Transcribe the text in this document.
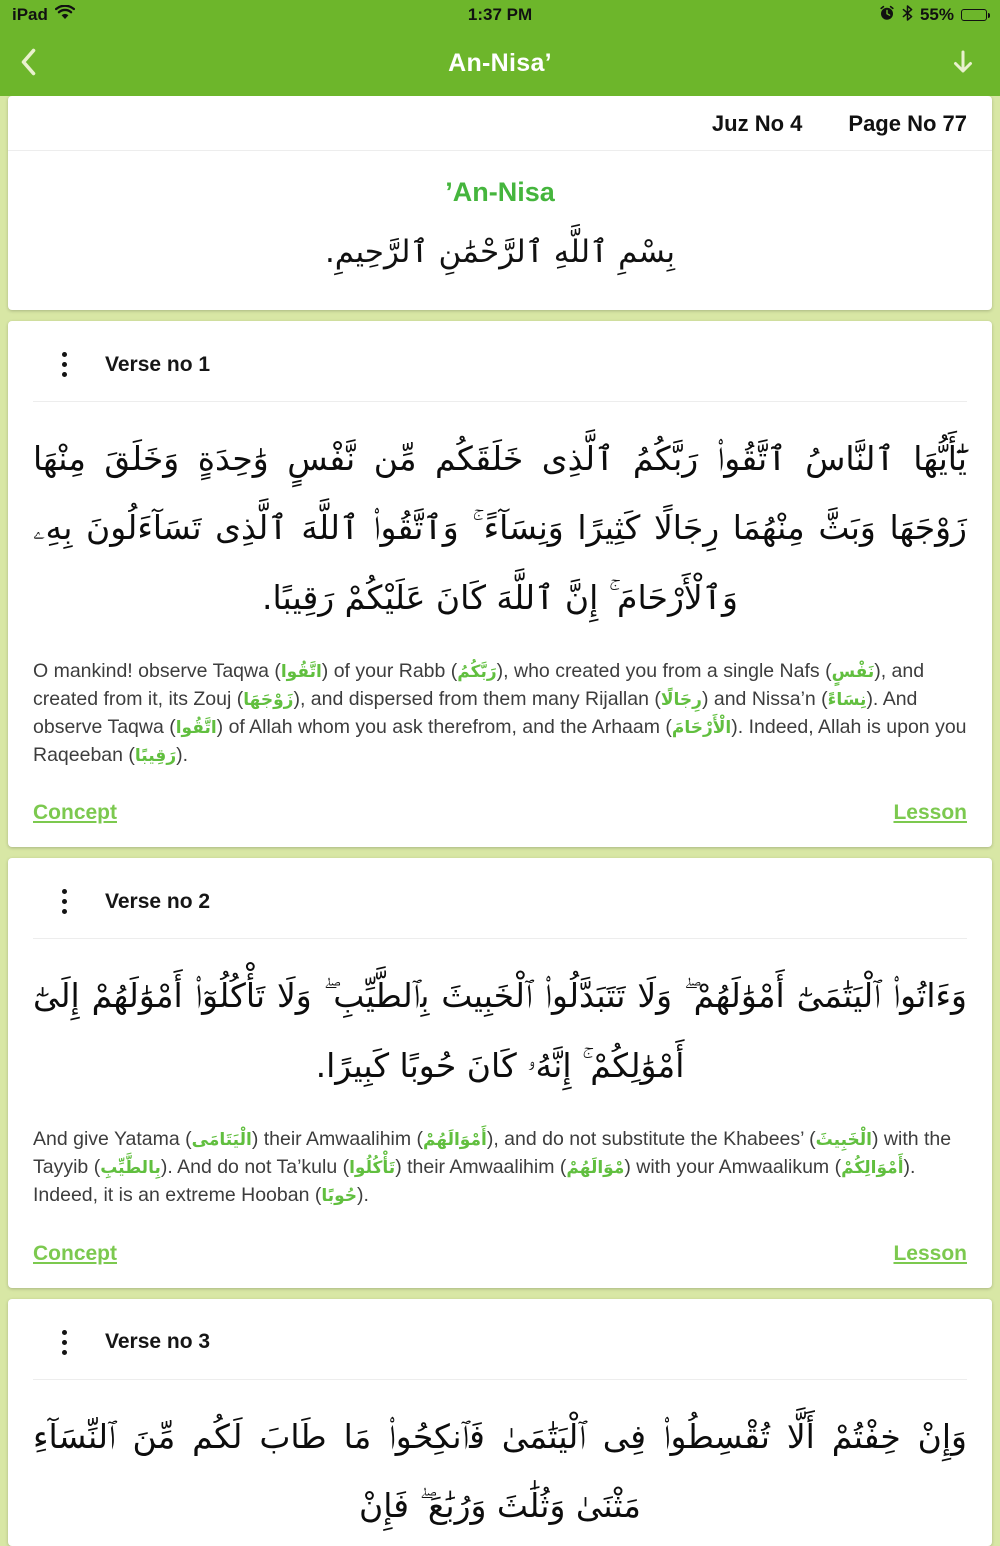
iPad	1:37 PM	55%
An-Nisa’
Juz No 4 Page No 77
’An-Nisa
بِسْمِ ٱللَّهِ ٱلرَّحْمَٰنِ ٱلرَّحِيمِ.
Verse no 1
يَٰٓأَيُّهَا ٱلنَّاسُ ٱتَّقُوا۟ رَبَّكُمُ ٱلَّذِى خَلَقَكُم مِّن نَّفْسٍ وَٰحِدَةٍ وَخَلَقَ مِنْهَا زَوْجَهَا وَبَثَّ مِنْهُمَا رِجَالًا كَثِيرًا وَنِسَآءً ۚ وَٱتَّقُوا۟ ٱللَّهَ ٱلَّذِى تَسَآءَلُونَ بِهِۦ وَٱلْأَرْحَامَ ۚ إِنَّ ٱللَّهَ كَانَ عَلَيْكُمْ رَقِيبًا.
O mankind! observe Taqwa (اتَّقُوا) of your Rabb (رَبَّكُمُ), who created you from a single Nafs (نَفْسٍ), and created from it, its Zouj (زَوْجَهَا), and dispersed from them many Rijallan (رِجَالًا) and Nissa’n (نِسَاءً). And observe Taqwa (اتَّقُوا) of Allah whom you ask therefrom, and the Arhaam (الْأَرْحَامَ). Indeed, Allah is upon you Raqeeban (رَقِيبًا).
Concept	Lesson
Verse no 2
وَءَاتُوا۟ ٱلْيَتَٰمَىٰٓ أَمْوَٰلَهُمْ ۖ وَلَا تَتَبَدَّلُوا۟ ٱلْخَبِيثَ بِٱلطَّيِّبِ ۖ وَلَا تَأْكُلُوٓا۟ أَمْوَٰلَهُمْ إِلَىٰٓ أَمْوَٰلِكُمْ ۚ إِنَّهُۥ كَانَ حُوبًا كَبِيرًا.
And give Yatama (الْيَتَامَى) their Amwaalihim (أَمْوَالَهُمْ), and do not substitute the Khabees’ (الْخَبِيثَ) with the Tayyib (بِالطَّيِّبِ). And do not Ta’kulu (تَأْكُلُوا) their Amwaalihim (مْوَالَهُمْ) with your Amwaalikum (أَمْوَالِكُمْ). Indeed, it is an extreme Hooban (حُوبًا).
Concept	Lesson
Verse no 3
وَإِنْ خِفْتُمْ أَلَّا تُقْسِطُوا۟ فِى ٱلْيَتَٰمَىٰ فَٱنكِحُوا۟ مَا طَابَ لَكُم مِّنَ ٱلنِّسَآءِ مَثْنَىٰ وَثُلَٰثَ وَرُبَٰعَ ۖ فَإِنْ
